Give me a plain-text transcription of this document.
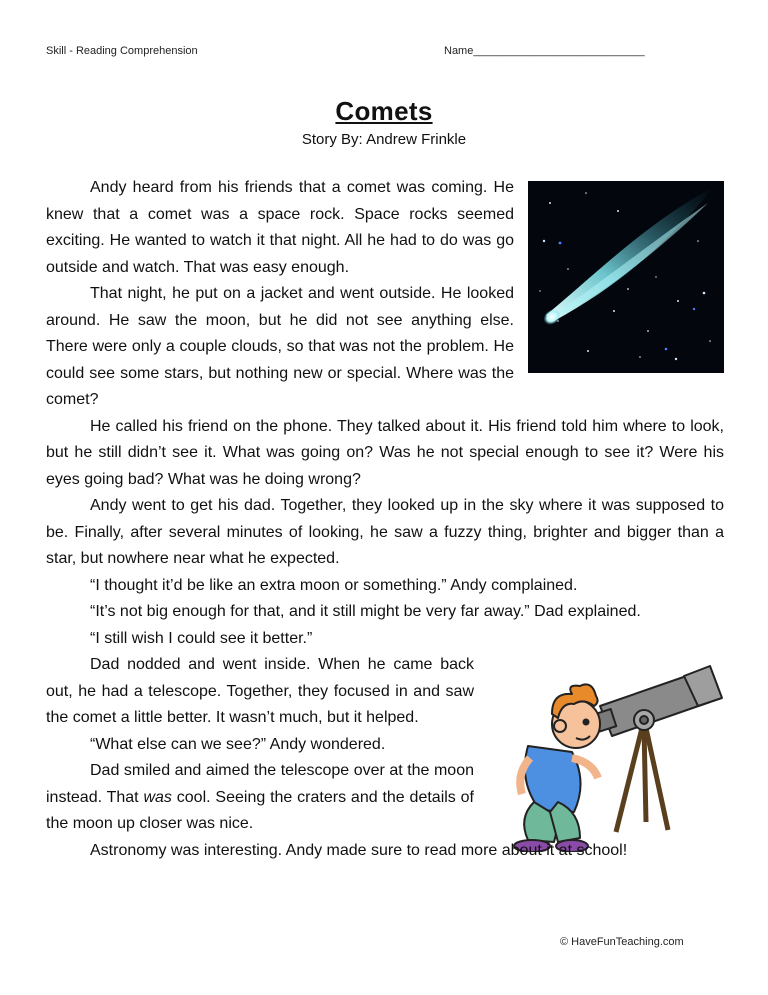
Skill - Reading Comprehension	Name____________________________
Comets
Story By: Andrew Frinkle

Andy heard from his friends that a comet was coming. He knew that a comet was a space rock. Space rocks seemed exciting. He wanted to watch it that night. All he had to do was go outside and watch. That was easy enough.

That night, he put on a jacket and went outside. He looked around. He saw the moon, but he did not see anything else. There were only a couple clouds, so that was not the problem. He could see some stars, but nothing new or special. Where was the comet?

He called his friend on the phone. They talked about it. His friend told him where to look, but he still didn’t see it. What was going on? Was he not special enough to see it? Were his eyes going bad? What was he doing wrong?

Andy went to get his dad. Together, they looked up in the sky where it was supposed to be. Finally, after several minutes of looking, he saw a fuzzy thing, brighter and bigger than a star, but nowhere near what he expected.

“I thought it’d be like an extra moon or something.” Andy complained.

“It’s not big enough for that, and it still might be very far away.” Dad explained.

“I still wish I could see it better.”

Dad nodded and went inside. When he came back out, he had a telescope. Together, they focused in and saw the comet a little better. It wasn’t much, but it helped.

“What else can we see?” Andy wondered.

Dad smiled and aimed the telescope over at the moon instead. That was cool. Seeing the craters and the details of the moon up closer was nice.

Astronomy was interesting. Andy made sure to read more about it at school!

© HaveFunTeaching.com
